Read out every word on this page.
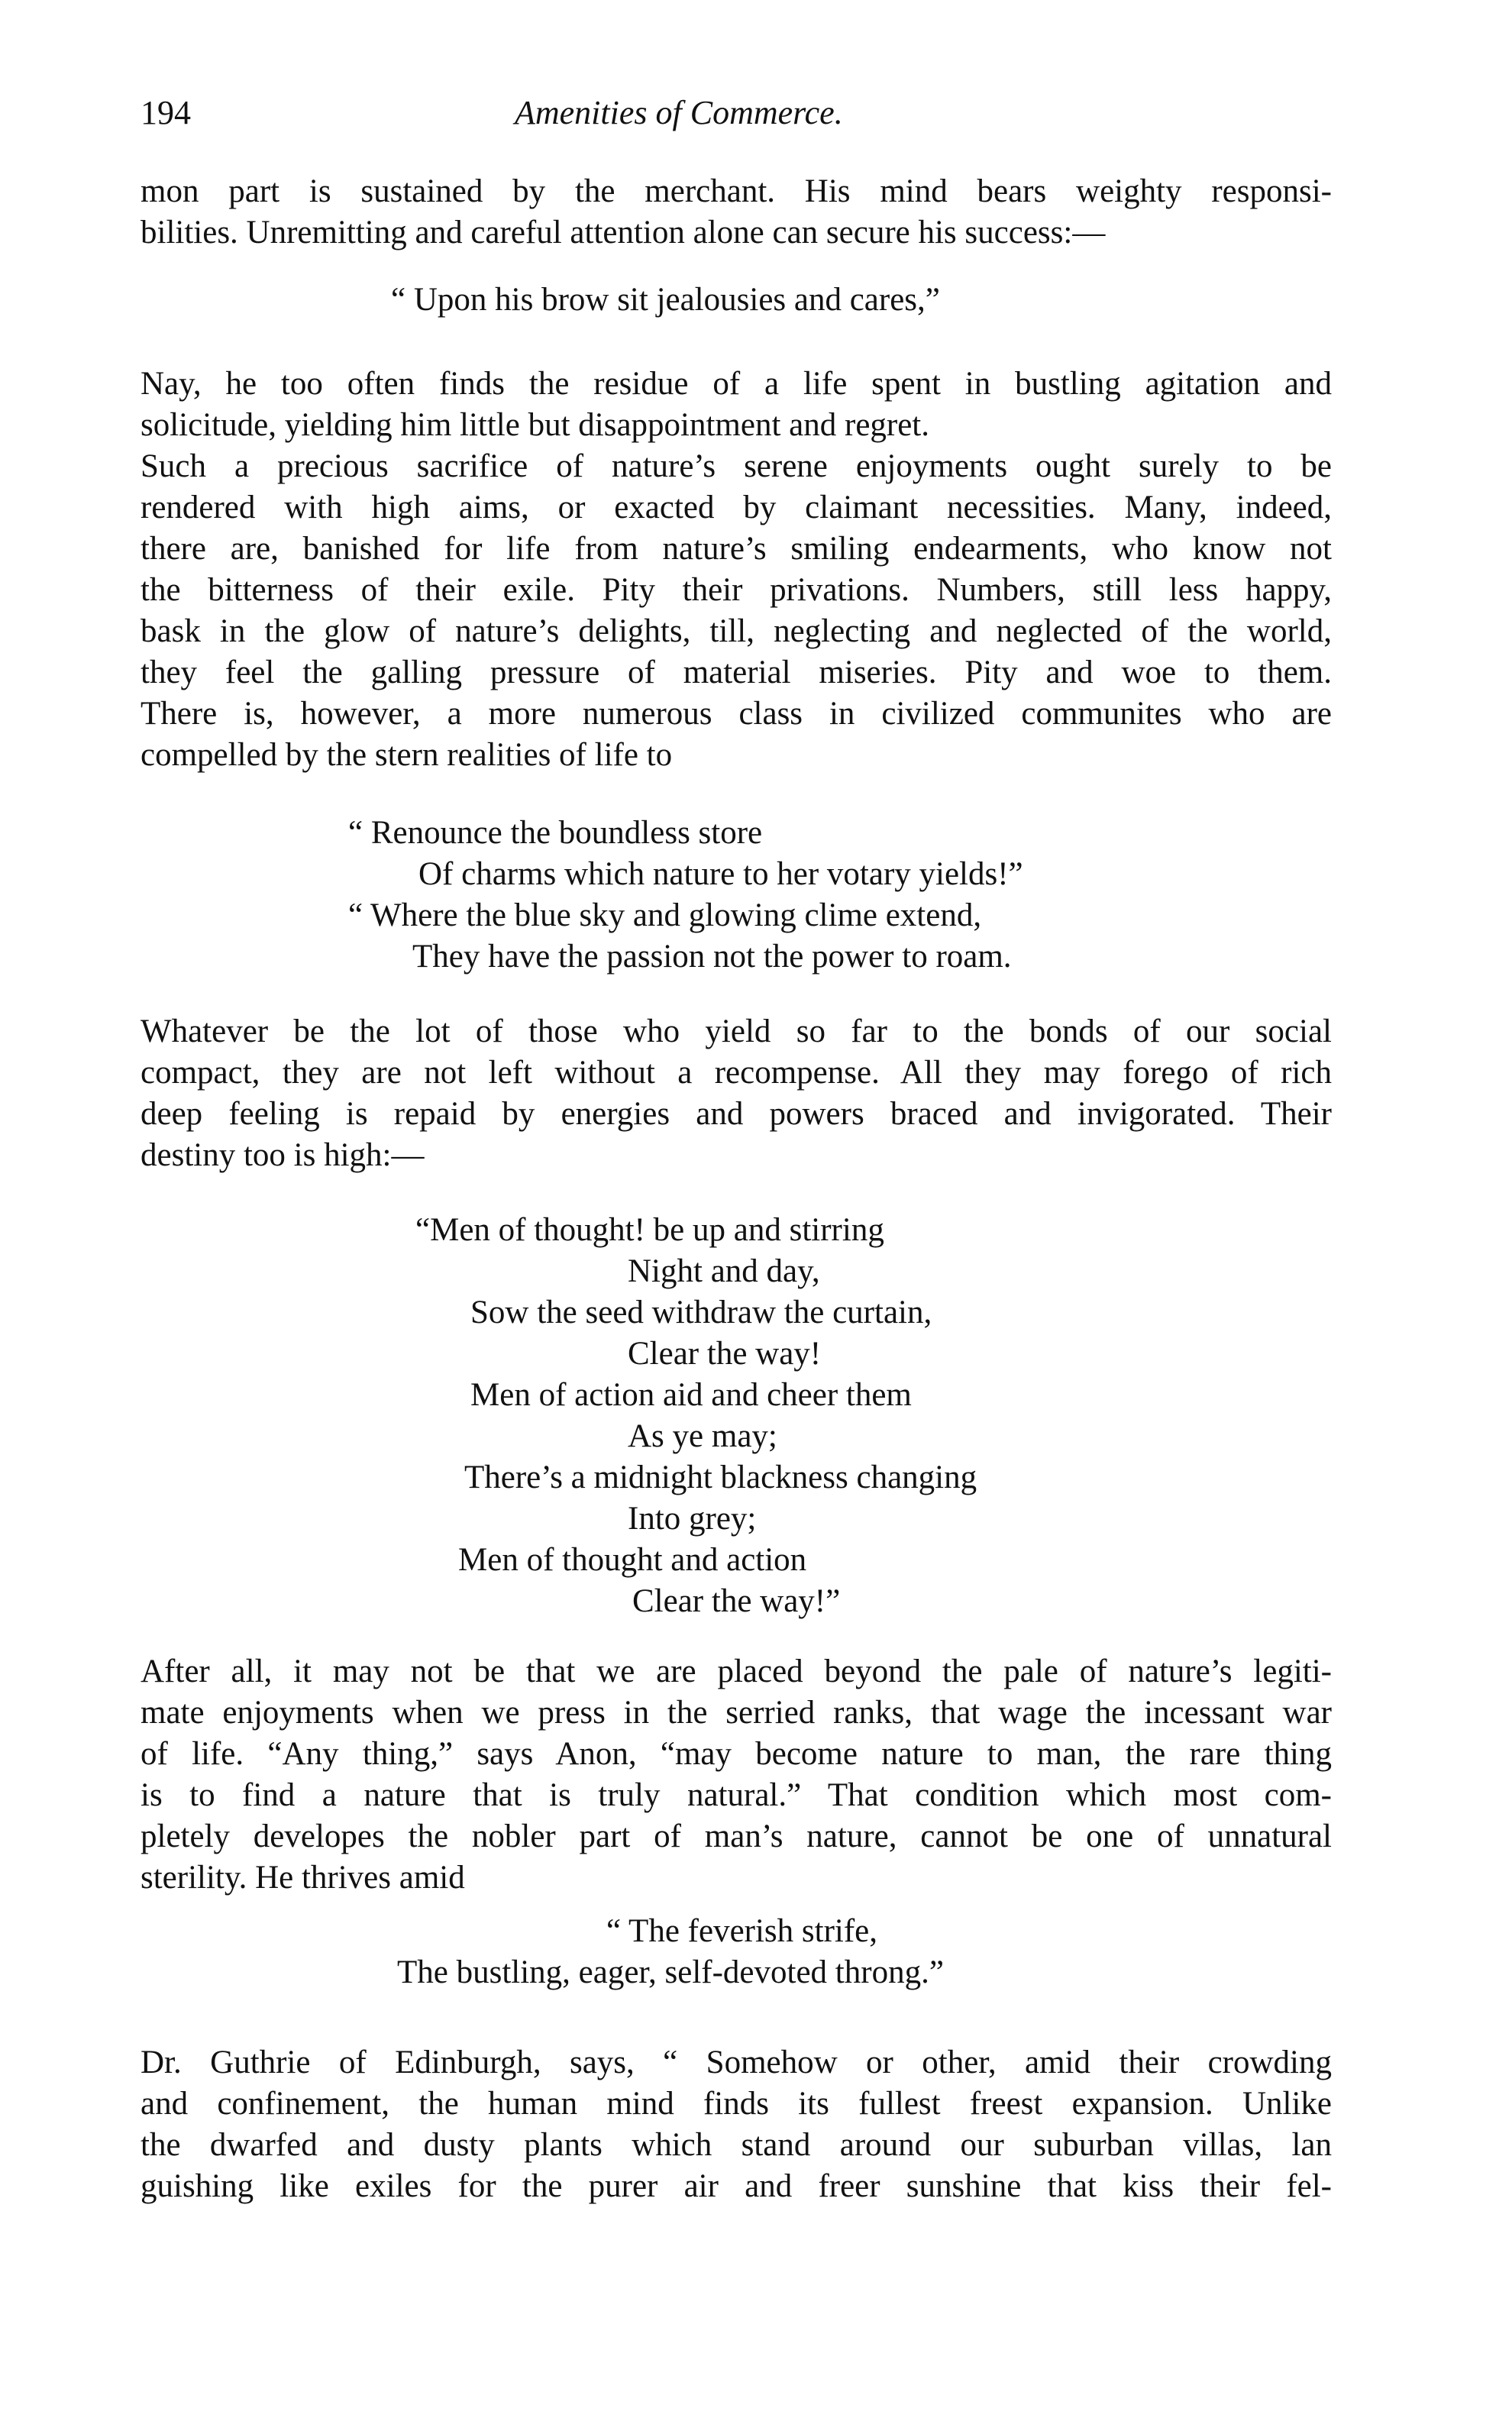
194	Amenities of Commerce.
mon part is sustained by the merchant. His mind bears weighty responsi-
bilities. Unremitting and careful attention alone can secure his success:—
“ Upon his brow sit jealousies and cares,”
Nay, he too often finds the residue of a life spent in bustling agitation and
solicitude, yielding him little but disappointment and regret.
Such a precious sacrifice of nature’s serene enjoyments ought surely to be
rendered with high aims, or exacted by claimant necessities. Many, indeed,
there are, banished for life from nature’s smiling endearments, who know not
the bitterness of their exile. Pity their privations. Numbers, still less happy,
bask in the glow of nature’s delights, till, neglecting and neglected of the world,
they feel the galling pressure of material miseries. Pity and woe to them.
There is, however, a more numerous class in civilized communites who are
compelled by the stern realities of life to
“ Renounce the boundless store
Of charms which nature to her votary yields!”
“ Where the blue sky and glowing clime extend,
They have the passion not the power to roam.
Whatever be the lot of those who yield so far to the bonds of our social
compact, they are not left without a recompense. All they may forego of rich
deep feeling is repaid by energies and powers braced and invigorated. Their
destiny too is high:—
“Men of thought! be up and stirring
Night and day,
Sow the seed withdraw the curtain,
Clear the way!
Men of action aid and cheer them
As ye may;
There’s a midnight blackness changing
Into grey;
Men of thought and action
Clear the way!”
After all, it may not be that we are placed beyond the pale of nature’s legiti-
mate enjoyments when we press in the serried ranks, that wage the incessant war
of life. “Any thing,” says Anon, “may become nature to man, the rare thing
is to find a nature that is truly natural.” That condition which most com-
pletely developes the nobler part of man’s nature, cannot be one of unnatural
sterility. He thrives amid
“ The feverish strife,
The bustling, eager, self-devoted throng.”
Dr. Guthrie of Edinburgh, says, “ Somehow or other, amid their crowding
and confinement, the human mind finds its fullest freest expansion. Unlike
the dwarfed and dusty plants which stand around our suburban villas, lan
guishing like exiles for the purer air and freer sunshine that kiss their fel-
